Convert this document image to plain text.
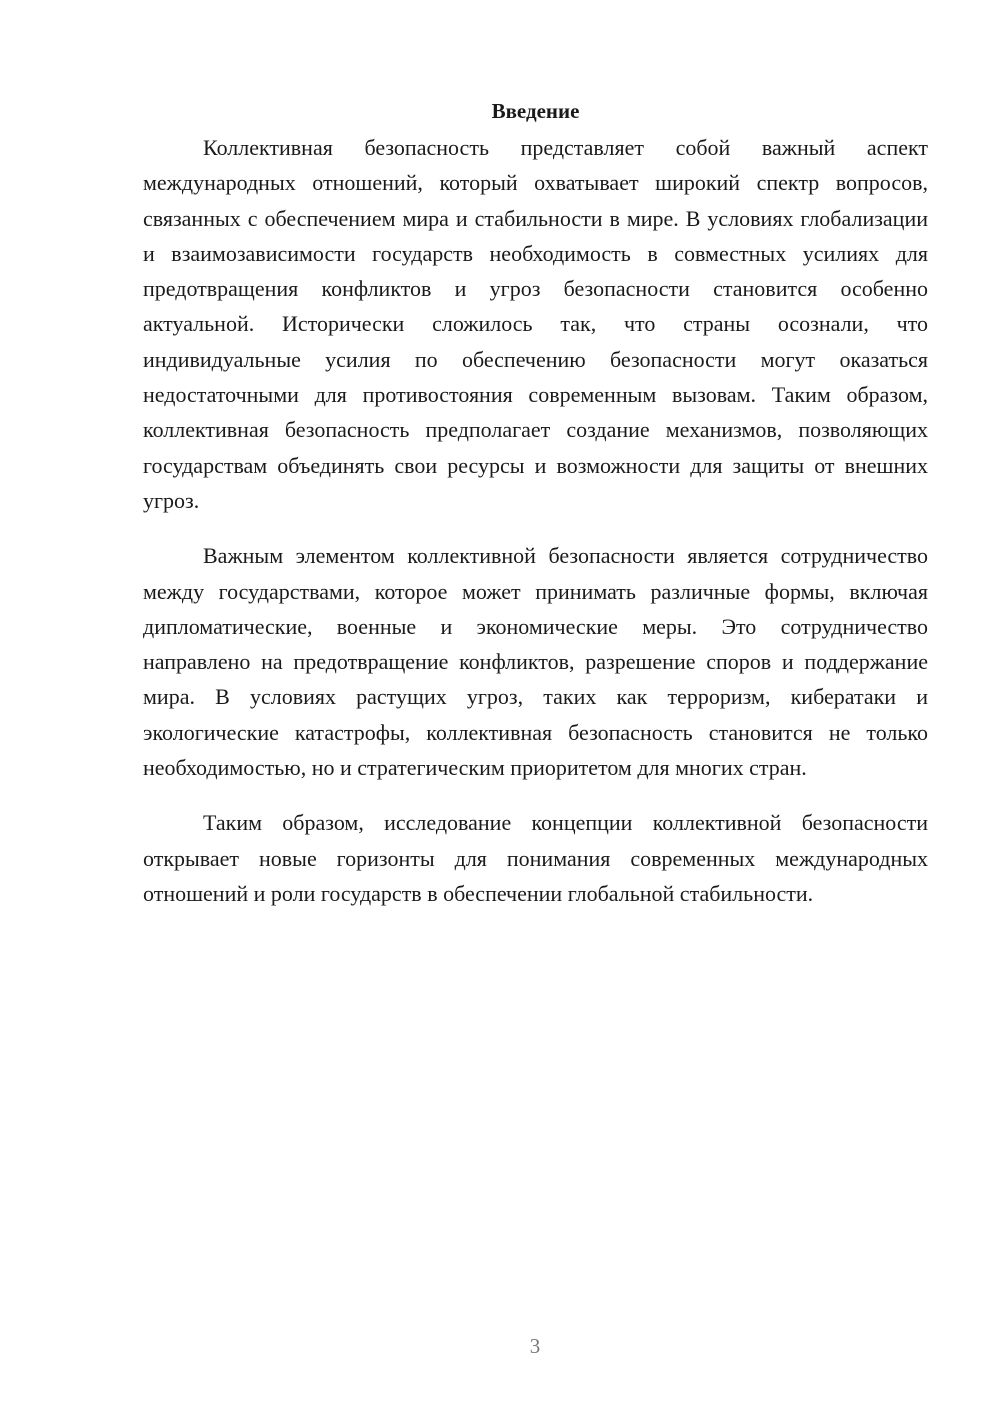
Введение

Коллективная безопасность представляет собой важный аспект международных отношений, который охватывает широкий спектр вопросов, связанных с обеспечением мира и стабильности в мире. В условиях глобализации и взаимозависимости государств необходимость в совместных усилиях для предотвращения конфликтов и угроз безопасности становится особенно актуальной. Исторически сложилось так, что страны осознали, что индивидуальные усилия по обеспечению безопасности могут оказаться недостаточными для противостояния современным вызовам. Таким образом, коллективная безопасность предполагает создание механизмов, позволяющих государствам объединять свои ресурсы и возможности для защиты от внешних угроз.

Важным элементом коллективной безопасности является сотрудничество между государствами, которое может принимать различные формы, включая дипломатические, военные и экономические меры. Это сотрудничество направлено на предотвращение конфликтов, разрешение споров и поддержание мира. В условиях растущих угроз, таких как терроризм, кибератаки и экологические катастрофы, коллективная безопасность становится не только необходимостью, но и стратегическим приоритетом для многих стран.

Таким образом, исследование концепции коллективной безопасности открывает новые горизонты для понимания современных международных отношений и роли государств в обеспечении глобальной стабильности.

3
